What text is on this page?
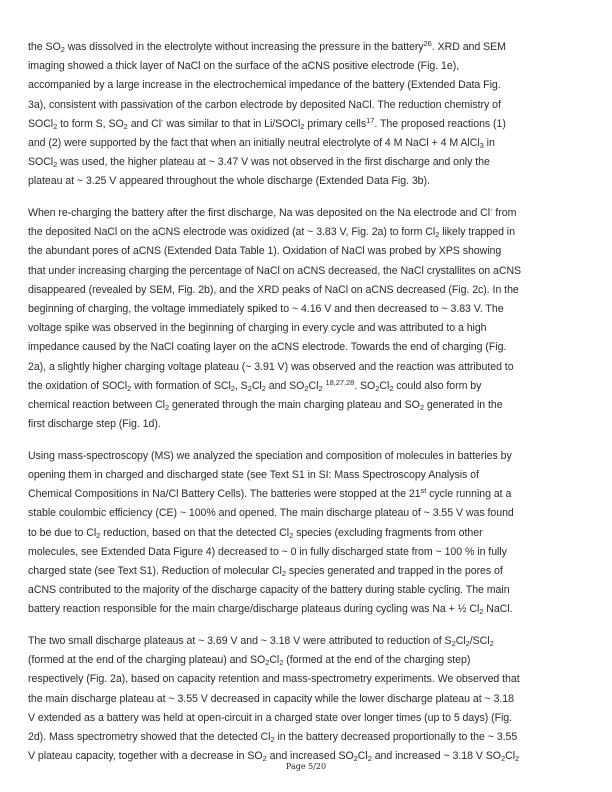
the $SO_2$ was dissolved in the electrolyte without increasing the pressure in the battery$^{26}$. XRD and SEM
imaging showed a thick layer of NaCl on the surface of the aCNS positive electrode (Fig. 1e),
accompanied by a large increase in the electrochemical impedance of the battery (Extended Data Fig.
3a), consistent with passivation of the carbon electrode by deposited NaCl. The reduction chemistry of
SOCl$_2$ to form S, $SO_2$ and Cl- was similar to that in Li/SOCl$_2$ primary cells$^{17}$. The proposed reactions (1)
and (2) were supported by the fact that when an initially neutral electrolyte of 4 M NaCl + 4 M AlCl$_3$ in
SOCl$_2$ was used, the higher plateau at ~ 3.47 V was not observed in the first discharge and only the
plateau at ~ 3.25 V appeared throughout the whole discharge (Extended Data Fig. 3b).
When re-charging the battery after the first discharge, Na was deposited on the Na electrode and Cl- from
the deposited NaCl on the aCNS electrode was oxidized (at ~ 3.83 V, Fig. 2a) to form $Cl_2$ likely trapped in
the abundant pores of aCNS (Extended Data Table 1). Oxidation of NaCl was probed by XPS showing
that under increasing charging the percentage of NaCl on aCNS decreased, the NaCl crystallites on aCNS
disappeared (revealed by SEM, Fig. 2b), and the XRD peaks of NaCl on aCNS decreased (Fig. 2c). In the
beginning of charging, the voltage immediately spiked to ~ 4.16 V and then decreased to ~ 3.83 V. The
voltage spike was observed in the beginning of charging in every cycle and was attributed to a high
impedance caused by the NaCl coating layer on the aCNS electrode. Towards the end of charging (Fig.
2a), a slightly higher charging voltage plateau (~ 3.91 V) was observed and the reaction was attributed to
the oxidation of SOCl$_2$ with formation of SCl$_2$, $S_2Cl_2$ and $SO_2Cl_2$ $^{18,27,28}$. $SO_2Cl_2$ could also form by
chemical reaction between $Cl_2$ generated through the main charging plateau and $SO_2$ generated in the
first discharge step (Fig. 1d).
Using mass-spectroscopy (MS) we analyzed the speciation and composition of molecules in batteries by
opening them in charged and discharged state (see Text S1 in SI: Mass Spectroscopy Analysis of
Chemical Compositions in Na/Cl Battery Cells). The batteries were stopped at the 21st cycle running at a
stable coulombic efficiency (CE) ~ 100% and opened. The main discharge plateau of ~ 3.55 V was found
to be due to $Cl_2$ reduction, based on that the detected $Cl_2$ species (excluding fragments from other
molecules, see Extended Data Figure 4) decreased to ~ 0 in fully discharged state from ~ 100 % in fully
charged state (see Text S1). Reduction of molecular $Cl_2$ species generated and trapped in the pores of
aCNS contributed to the majority of the discharge capacity of the battery during stable cycling. The main
battery reaction responsible for the main charge/discharge plateaus during cycling was Na + ½ $Cl_2$ NaCl.
The two small discharge plateaus at ~ 3.69 V and ~ 3.18 V were attributed to reduction of $S_2Cl_2/SCl_2$
(formed at the end of the charging plateau) and $SO_2Cl_2$ (formed at the end of the charging step)
respectively (Fig. 2a), based on capacity retention and mass-spectrometry experiments. We observed that
the main discharge plateau at ~ 3.55 V decreased in capacity while the lower discharge plateau at ~ 3.18
V extended as a battery was held at open-circuit in a charged state over longer times (up to 5 days) (Fig.
2d). Mass spectrometry showed that the detected $Cl_2$ in the battery decreased proportionally to the ~ 3.55
V plateau capacity, together with a decrease in $SO_2$ and increased $SO_2Cl_2$ and increased ~ 3.18 V $SO_2Cl_2$
Page 5/20
